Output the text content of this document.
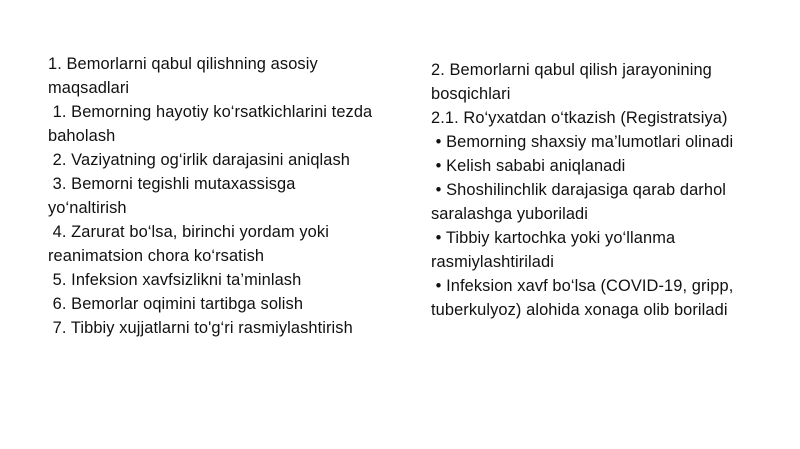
1. Bemorlarni qabul qilishning asosiy maqsadlari
1. Bemorning hayotiy ko‘rsatkichlarini tezda baholash
2. Vaziyatning og‘irlik darajasini aniqlash
3. Bemorni tegishli mutaxassisga yo‘naltirish
4. Zarurat bo‘lsa, birinchi yordam yoki reanimatsion chora ko‘rsatish
5. Infeksion xavfsizlikni ta’minlash
6. Bemorlar oqimini tartibga solish
7. Tibbiy xujjatlarni to'g‘ri rasmiylashtirish
2. Bemorlarni qabul qilish jarayonining bosqichlari
2.1. Ro‘yxatdan o‘tkazish (Registratsiya)
• Bemorning shaxsiy ma’lumotlari olinadi
• Kelish sababi aniqlanadi
• Shoshilinchlik darajasiga qarab darhol saralashga yuboriladi
• Tibbiy kartochka yoki yo‘llanma rasmiylashtiriladi
• Infeksion xavf bo‘lsa (COVID-19, gripp, tuberkulyoz) alohida xonaga olib boriladi
